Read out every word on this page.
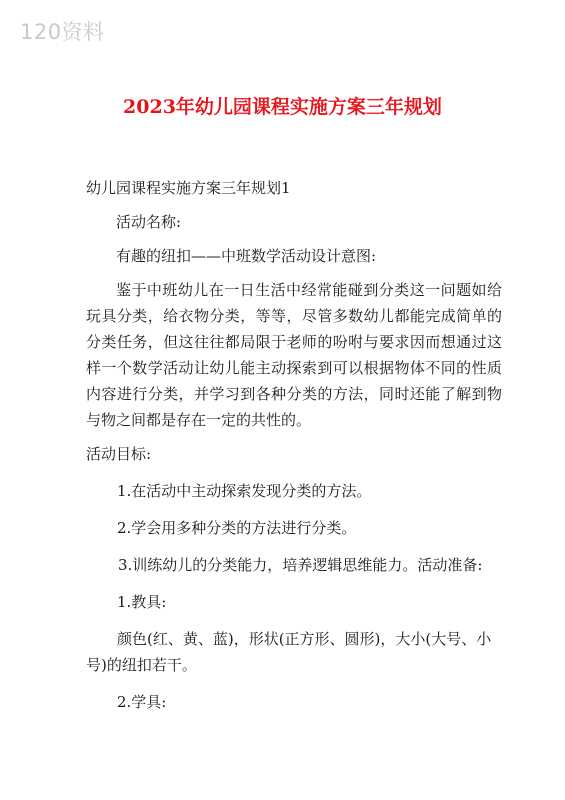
120资料
2023年幼儿园课程实施方案三年规划

幼儿园课程实施方案三年规划1

活动名称:

有趣的纽扣——中班数学活动设计意图:

鉴于中班幼儿在一日生活中经常能碰到分类这一问题如给玩具分类，给衣物分类，等等，尽管多数幼儿都能完成简单的分类任务，但这往往都局限于老师的吩咐与要求因而想通过这样一个数学活动让幼儿能主动探索到可以根据物体不同的性质内容进行分类，并学习到各种分类的方法，同时还能了解到物与物之间都是存在一定的共性的。

活动目标:

1.在活动中主动探索发现分类的方法。

2.学会用多种分类的方法进行分类。

3.训练幼儿的分类能力，培养逻辑思维能力。活动准备:

1.教具:

颜色(红、黄、蓝)，形状(正方形、圆形)，大小(大号、小号)的纽扣若干。

2.学具:
